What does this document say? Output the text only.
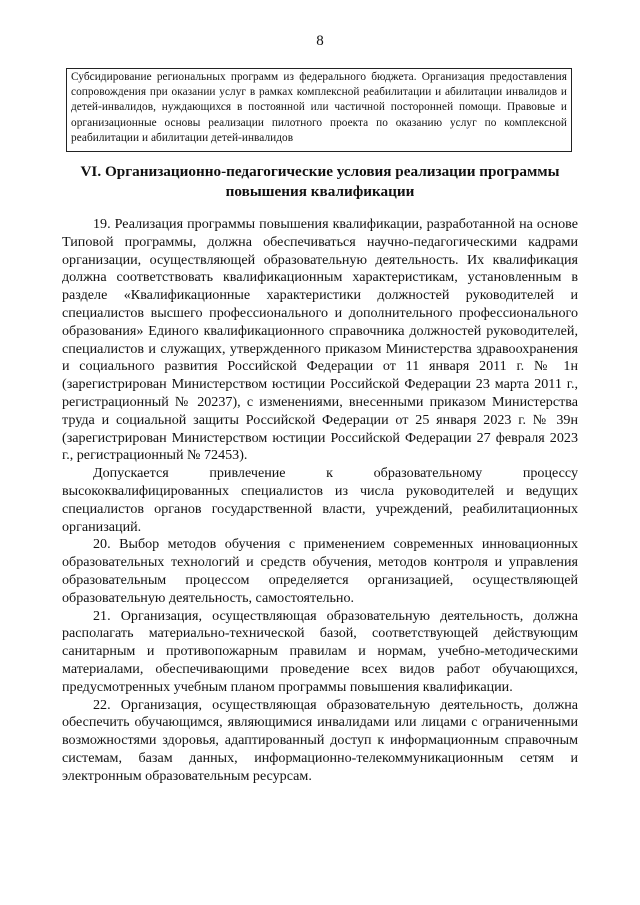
8
Субсидирование региональных программ из федерального бюджета. Организация предоставления сопровождения при оказании услуг в рамках комплексной реабилитации и абилитации инвалидов и детей-инвалидов, нуждающихся в постоянной или частичной посторонней помощи. Правовые и организационные основы реализации пилотного проекта по оказанию услуг по комплексной реабилитации и абилитации детей-инвалидов
VI. Организационно-педагогические условия реализации программы
повышения квалификации

19. Реализация программы повышения квалификации, разработанной на основе Типовой программы, должна обеспечиваться научно-педагогическими кадрами организации, осуществляющей образовательную деятельность. Их квалификация должна соответствовать квалификационным характеристикам, установленным в разделе «Квалификационные характеристики должностей руководителей и специалистов высшего профессионального и дополнительного профессионального образования» Единого квалификационного справочника должностей руководителей, специалистов и служащих, утвержденного приказом Министерства здравоохранения и социального развития Российской Федерации от 11 января 2011 г. № 1н (зарегистрирован Министерством юстиции Российской Федерации 23 марта 2011 г., регистрационный № 20237), с изменениями, внесенными приказом Министерства труда и социальной защиты Российской Федерации от 25 января 2023 г. № 39н (зарегистрирован Министерством юстиции Российской Федерации 27 февраля 2023 г., регистрационный № 72453).

Допускается привлечение к образовательному процессу высококвалифицированных специалистов из числа руководителей и ведущих специалистов органов государственной власти, учреждений, реабилитационных организаций.

20. Выбор методов обучения с применением современных инновационных образовательных технологий и средств обучения, методов контроля и управления образовательным процессом определяется организацией, осуществляющей образовательную деятельность, самостоятельно.

21. Организация, осуществляющая образовательную деятельность, должна располагать материально-технической базой, соответствующей действующим санитарным и противопожарным правилам и нормам, учебно-методическими материалами, обеспечивающими проведение всех видов работ обучающихся, предусмотренных учебным планом программы повышения квалификации.

22. Организация, осуществляющая образовательную деятельность, должна обеспечить обучающимся, являющимися инвалидами или лицами с ограниченными возможностями здоровья, адаптированный доступ к информационным справочным системам, базам данных, информационно-телекоммуникационным сетям и электронным образовательным ресурсам.
